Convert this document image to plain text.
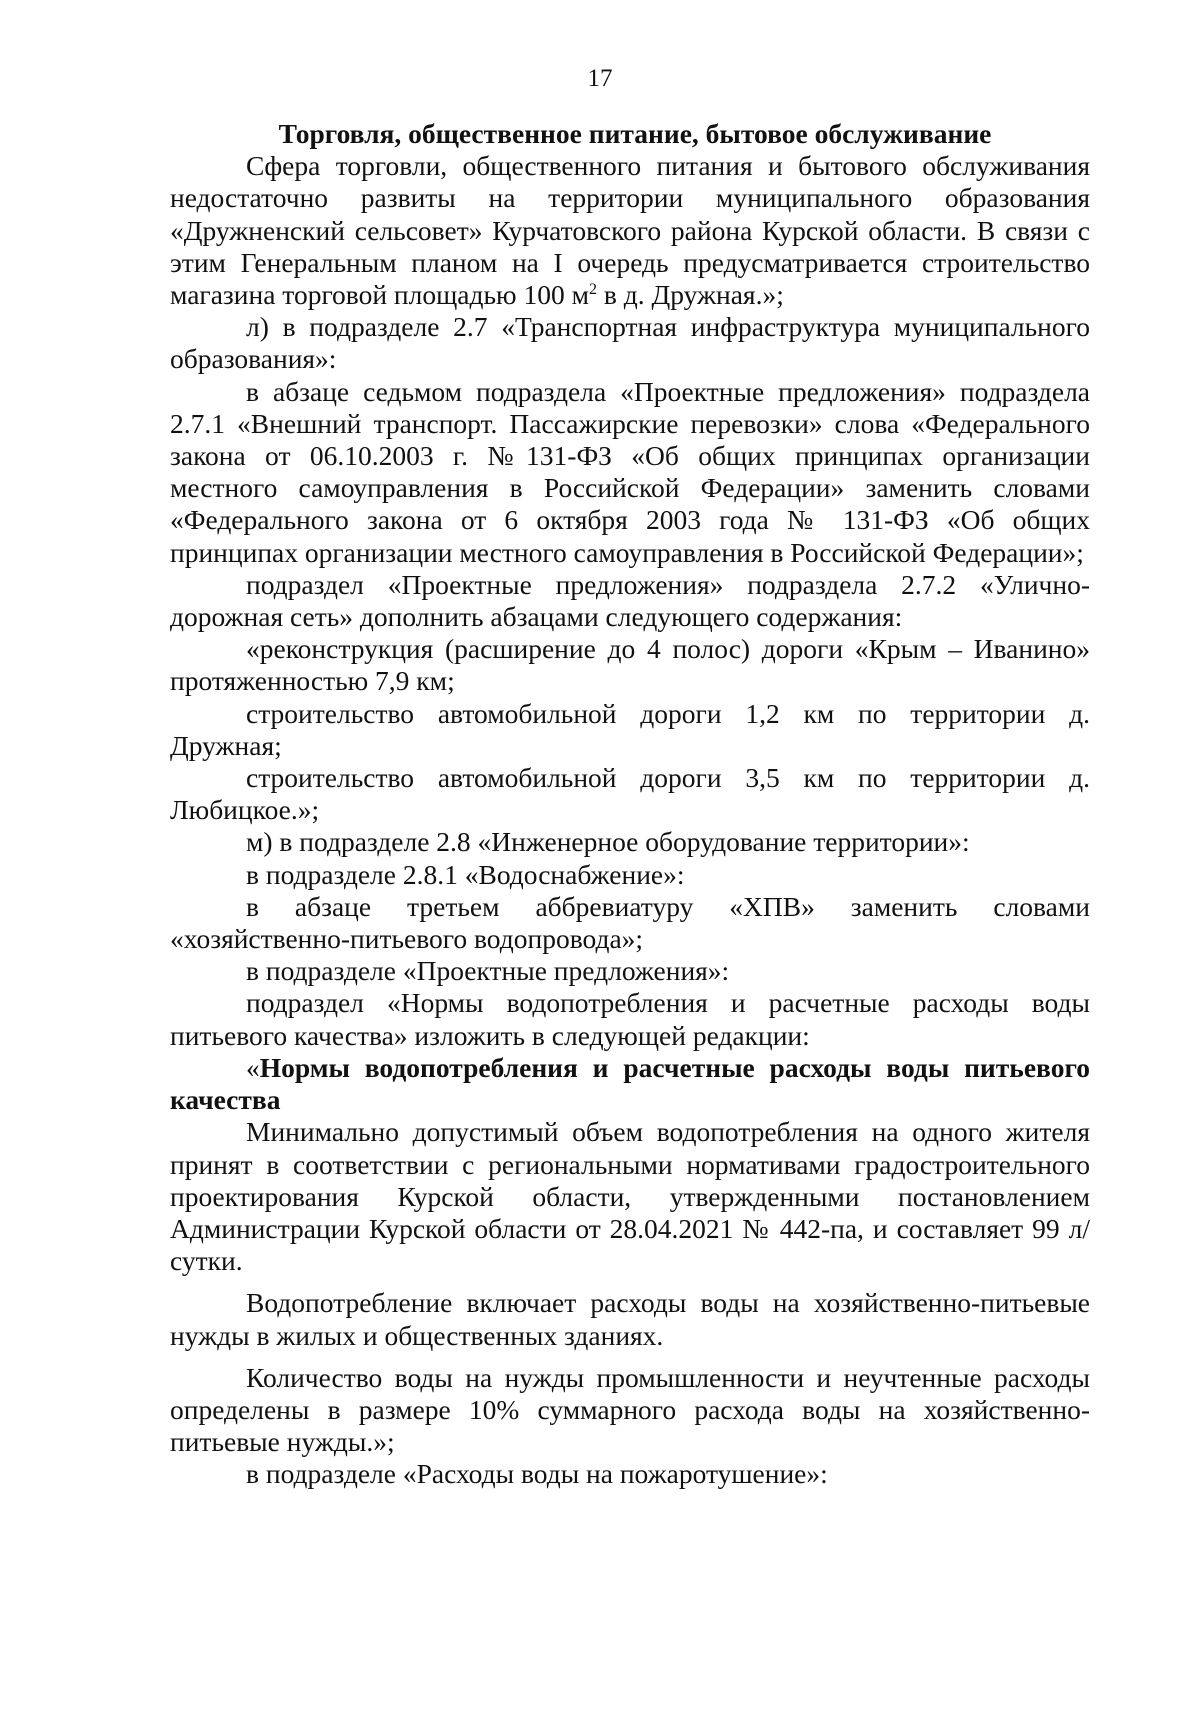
17

Торговля, общественное питание, бытовое обслуживание

Сфера торговли, общественного питания и бытового обслуживания недостаточно развиты на территории муниципального образования «Дружненский сельсовет» Курчатовского района Курской области. В связи с этим Генеральным планом на I очередь предусматривается строительство магазина торговой площадью 100 $м^2$ в д. Дружная.»;

л) в подразделе 2.7 «Транспортная инфраструктура муниципального образования»:

в абзаце седьмом подраздела «Проектные предложения» подраздела 2.7.1 «Внешний транспорт. Пассажирские перевозки» слова «Федерального закона от 06.10.2003 г. №131-ФЗ «Об общих принципах организации местного самоуправления в Российской Федерации» заменить словами «Федерального закона от 6 октября 2003 года № 131-ФЗ «Об общих принципах организации местного самоуправления в Российской Федерации»;

подраздел «Проектные предложения» подраздела 2.7.2 «Улично-дорожная сеть» дополнить абзацами следующего содержания:

«реконструкция (расширение до 4 полос) дороги «Крым – Иванино» протяженностью 7,9 км;

строительство автомобильной дороги 1,2 км по территории д. Дружная;

строительство автомобильной дороги 3,5 км по территории д. Любицкое.»;

м) в подразделе 2.8 «Инженерное оборудование территории»:

в подразделе 2.8.1 «Водоснабжение»:

в абзаце третьем аббревиатуру «ХПВ» заменить словами «хозяйственно-питьевого водопровода»;

в подразделе «Проектные предложения»:

подраздел «Нормы водопотребления и расчетные расходы воды питьевого качества» изложить в следующей редакции:

«Нормы водопотребления и расчетные расходы воды питьевого качества

Минимально допустимый объем водопотребления на одного жителя принят в соответствии с региональными нормативами градостроительного проектирования Курской области, утвержденными постановлением Администрации Курской области от 28.04.2021 № 442-па, и составляет 99 л/сутки.

Водопотребление включает расходы воды на хозяйственно-питьевые нужды в жилых и общественных зданиях.

Количество воды на нужды промышленности и неучтенные расходы определены в размере 10% суммарного расхода воды на хозяйственно-питьевые нужды.»;

в подразделе «Расходы воды на пожаротушение»:
